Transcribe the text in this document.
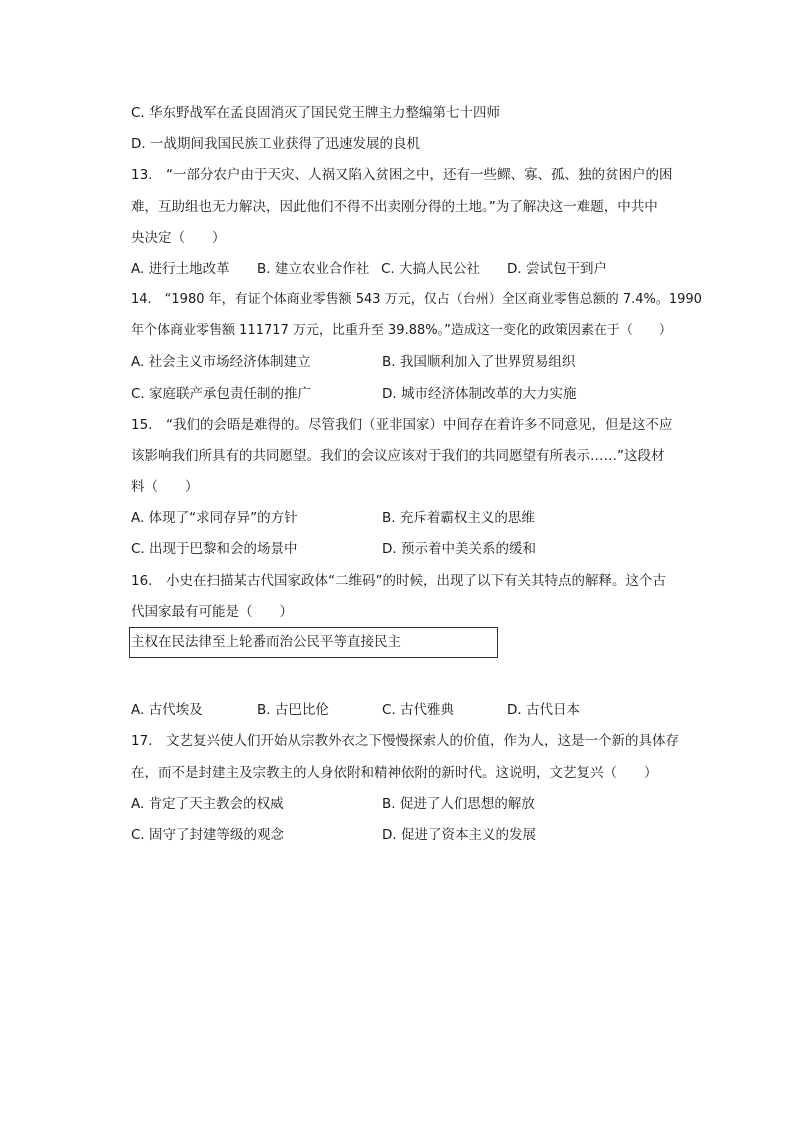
C. 华东野战军在孟良固消灭了国民党王牌主力整编第七十四师
D. 一战期间我国民族工业获得了迅速发展的良机
13.　“一部分农户由于天灾、人祸又陷入贫困之中，还有一些鳏、寡、孤、独的贫困户的困
难，互助组也无力解决，因此他们不得不出卖刚分得的土地。”为了解决这一难题，中共中
央决定（　　）
A. 进行土地改革 B. 建立农业合作社 C. 大搞人民公社 D. 尝试包干到户
14.　“1980 年，有证个体商业零售额 543 万元，仅占（台州）全区商业零售总额的 7.4%。1990
年个体商业零售额 111717 万元，比重升至 39.88%。”造成这一变化的政策因素在于（　　）
A. 社会主义市场经济体制建立	B. 我国顺利加入了世界贸易组织
C. 家庭联产承包责任制的推广	D. 城市经济体制改革的大力实施
15.　“我们的会晤是难得的。尽管我们（亚非国家）中间存在着许多不同意见，但是这不应
该影响我们所具有的共同愿望。我们的会议应该对于我们的共同愿望有所表示……”这段材
料（　　）
A. 体现了“求同存异”的方针	B. 充斥着霸权主义的思维
C. 出现于巴黎和会的场景中	D. 预示着中美关系的缓和
16.　小史在扫描某古代国家政体“二维码”的时候，出现了以下有关其特点的解释。这个古
代国家最有可能是（　　）
主权在民法律至上轮番而治公民平等直接民主
A. 古代埃及	B. 古巴比伦	C. 古代雅典	D. 古代日本
17.　文艺复兴使人们开始从宗教外衣之下慢慢探索人的价值，作为人，这是一个新的具体存
在，而不是封建主及宗教主的人身依附和精神依附的新时代。这说明，文艺复兴（　　）
A. 肯定了天主教会的权威	B. 促进了人们思想的解放
C. 固守了封建等级的观念	D. 促进了资本主义的发展
